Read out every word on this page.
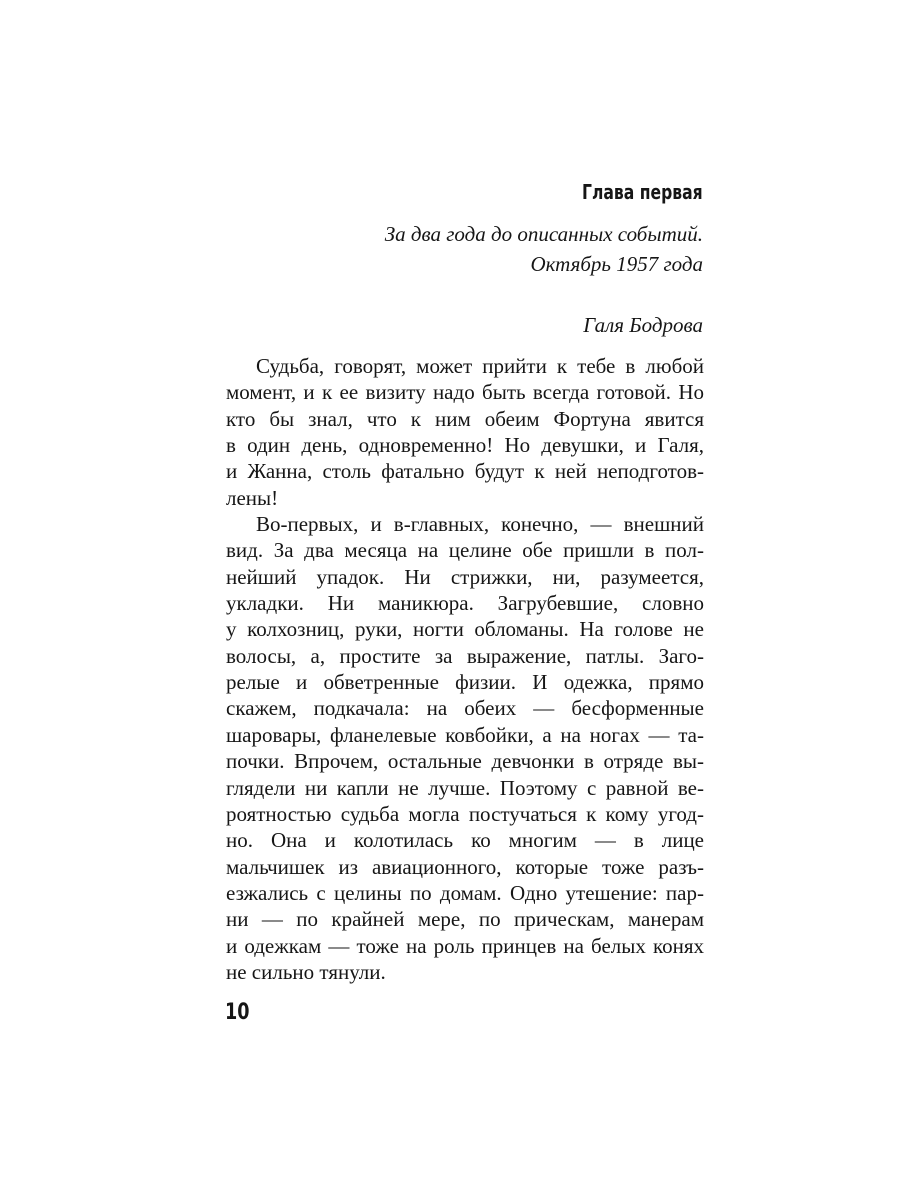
Глава первая
За два года до описанных событий.
Октябрь 1957 года
Галя Бодрова
Судьба, говорят, может прийти к тебе в любой
момент, и к ее визиту надо быть всегда готовой. Но
кто бы знал, что к ним обеим Фортуна явится
в один день, одновременно! Но девушки, и Галя,
и Жанна, столь фатально будут к ней неподготов-
лены!
Во-первых, и в-главных, конечно, — внешний
вид. За два месяца на целине обе пришли в пол-
нейший упадок. Ни стрижки, ни, разумеется,
укладки. Ни маникюра. Загрубевшие, словно
у колхозниц, руки, ногти обломаны. На голове не
волосы, а, простите за выражение, патлы. Заго-
релые и обветренные физии. И одежка, прямо
скажем, подкачала: на обеих — бесформенные
шаровары, фланелевые ковбойки, а на ногах — та-
почки. Впрочем, остальные девчонки в отряде вы-
глядели ни капли не лучше. Поэтому с равной ве-
роятностью судьба могла постучаться к кому угод-
но. Она и колотилась ко многим — в лице
мальчишек из авиационного, которые тоже разъ-
езжались с целины по домам. Одно утешение: пар-
ни — по крайней мере, по прическам, манерам
и одежкам — тоже на роль принцев на белых конях
не сильно тянули.
10
